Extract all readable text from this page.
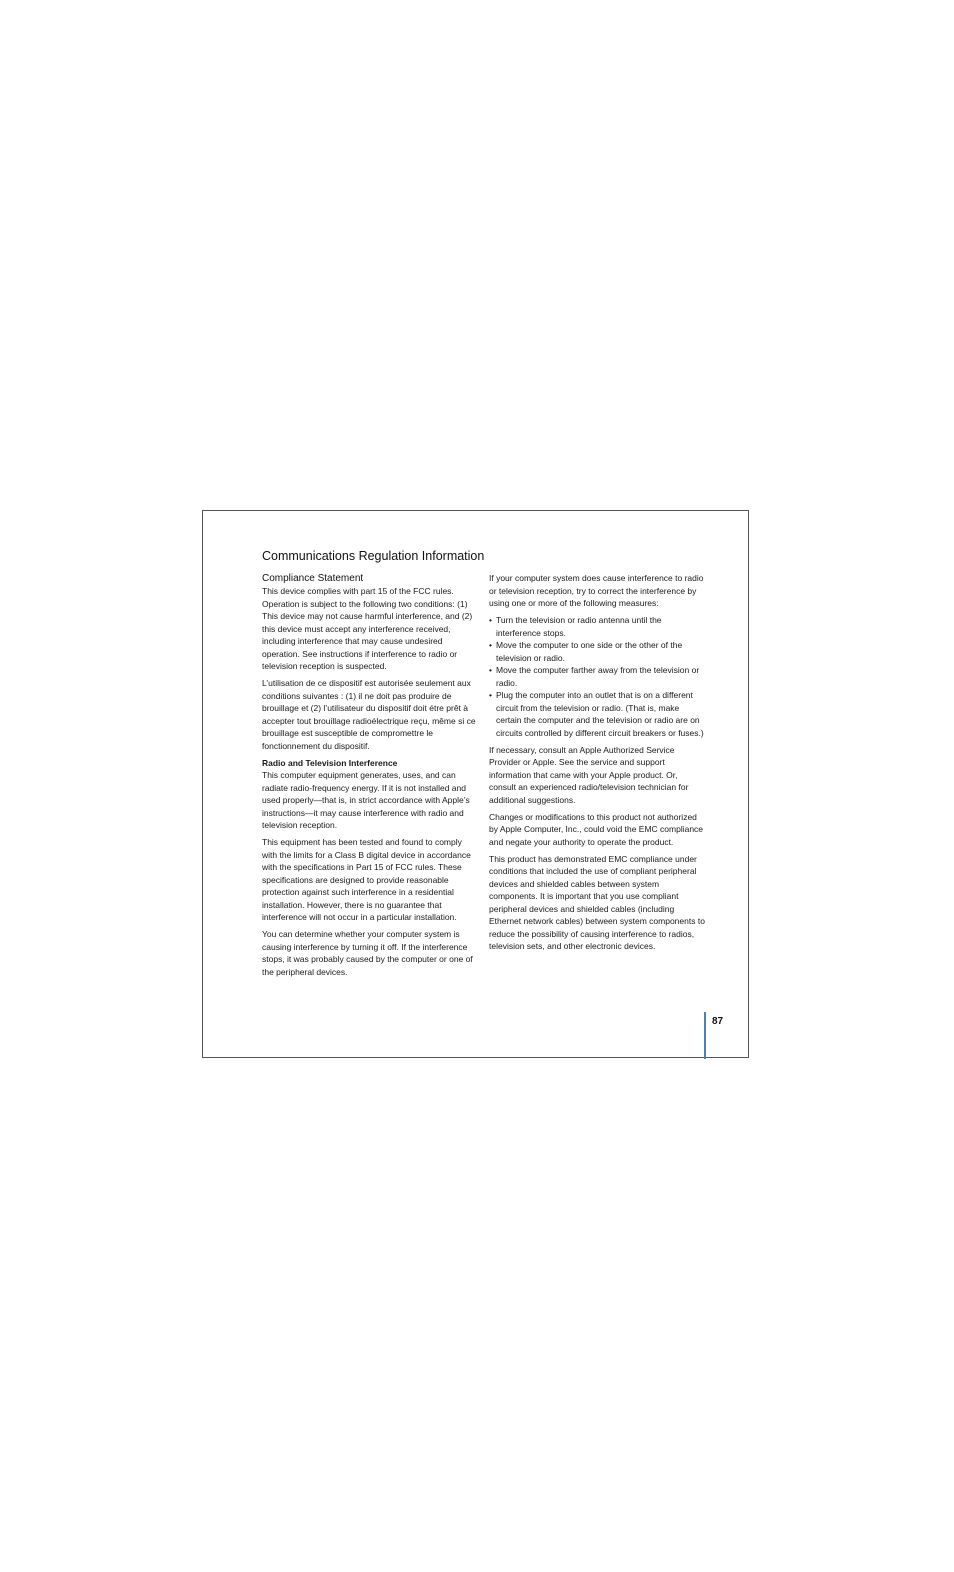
Communications Regulation Information
Compliance Statement

This device complies with part 15 of the FCC rules. Operation is subject to the following two conditions: (1) This device may not cause harmful interference, and (2) this device must accept any interference received, including interference that may cause undesired operation. See instructions if interference to radio or television reception is suspected.

L’utilisation de ce dispositif est autorisée seulement aux conditions suivantes : (1) il ne doit pas produire de brouillage et (2) l’utilisateur du dispositif doit étre prêt à accepter tout brouillage radioélectrique reçu, même si ce brouillage est susceptible de compromettre le fonctionnement du dispositif.

Radio and Television Interference

This computer equipment generates, uses, and can radiate radio-frequency energy. If it is not installed and used properly—that is, in strict accordance with Apple’s instructions—it may cause interference with radio and television reception.

This equipment has been tested and found to comply with the limits for a Class B digital device in accordance with the specifications in Part 15 of FCC rules. These specifications are designed to provide reasonable protection against such interference in a residential installation. However, there is no guarantee that interference will not occur in a particular installation.

You can determine whether your computer system is causing interference by turning it off. If the interference stops, it was probably caused by the computer or one of the peripheral devices.

If your computer system does cause interference to radio or television reception, try to correct the interference by using one or more of the following measures:

• Turn the television or radio antenna until the interference stops.
• Move the computer to one side or the other of the television or radio.
• Move the computer farther away from the television or radio.
• Plug the computer into an outlet that is on a different circuit from the television or radio. (That is, make certain the computer and the television or radio are on circuits controlled by different circuit breakers or fuses.)

If necessary, consult an Apple Authorized Service Provider or Apple. See the service and support information that came with your Apple product. Or, consult an experienced radio/television technician for additional suggestions.

Changes or modifications to this product not authorized by Apple Computer, Inc., could void the EMC compliance and negate your authority to operate the product.

This product has demonstrated EMC compliance under conditions that included the use of compliant peripheral devices and shielded cables between system components. It is important that you use compliant peripheral devices and shielded cables (including Ethernet network cables) between system components to reduce the possibility of causing interference to radios, television sets, and other electronic devices.

87
